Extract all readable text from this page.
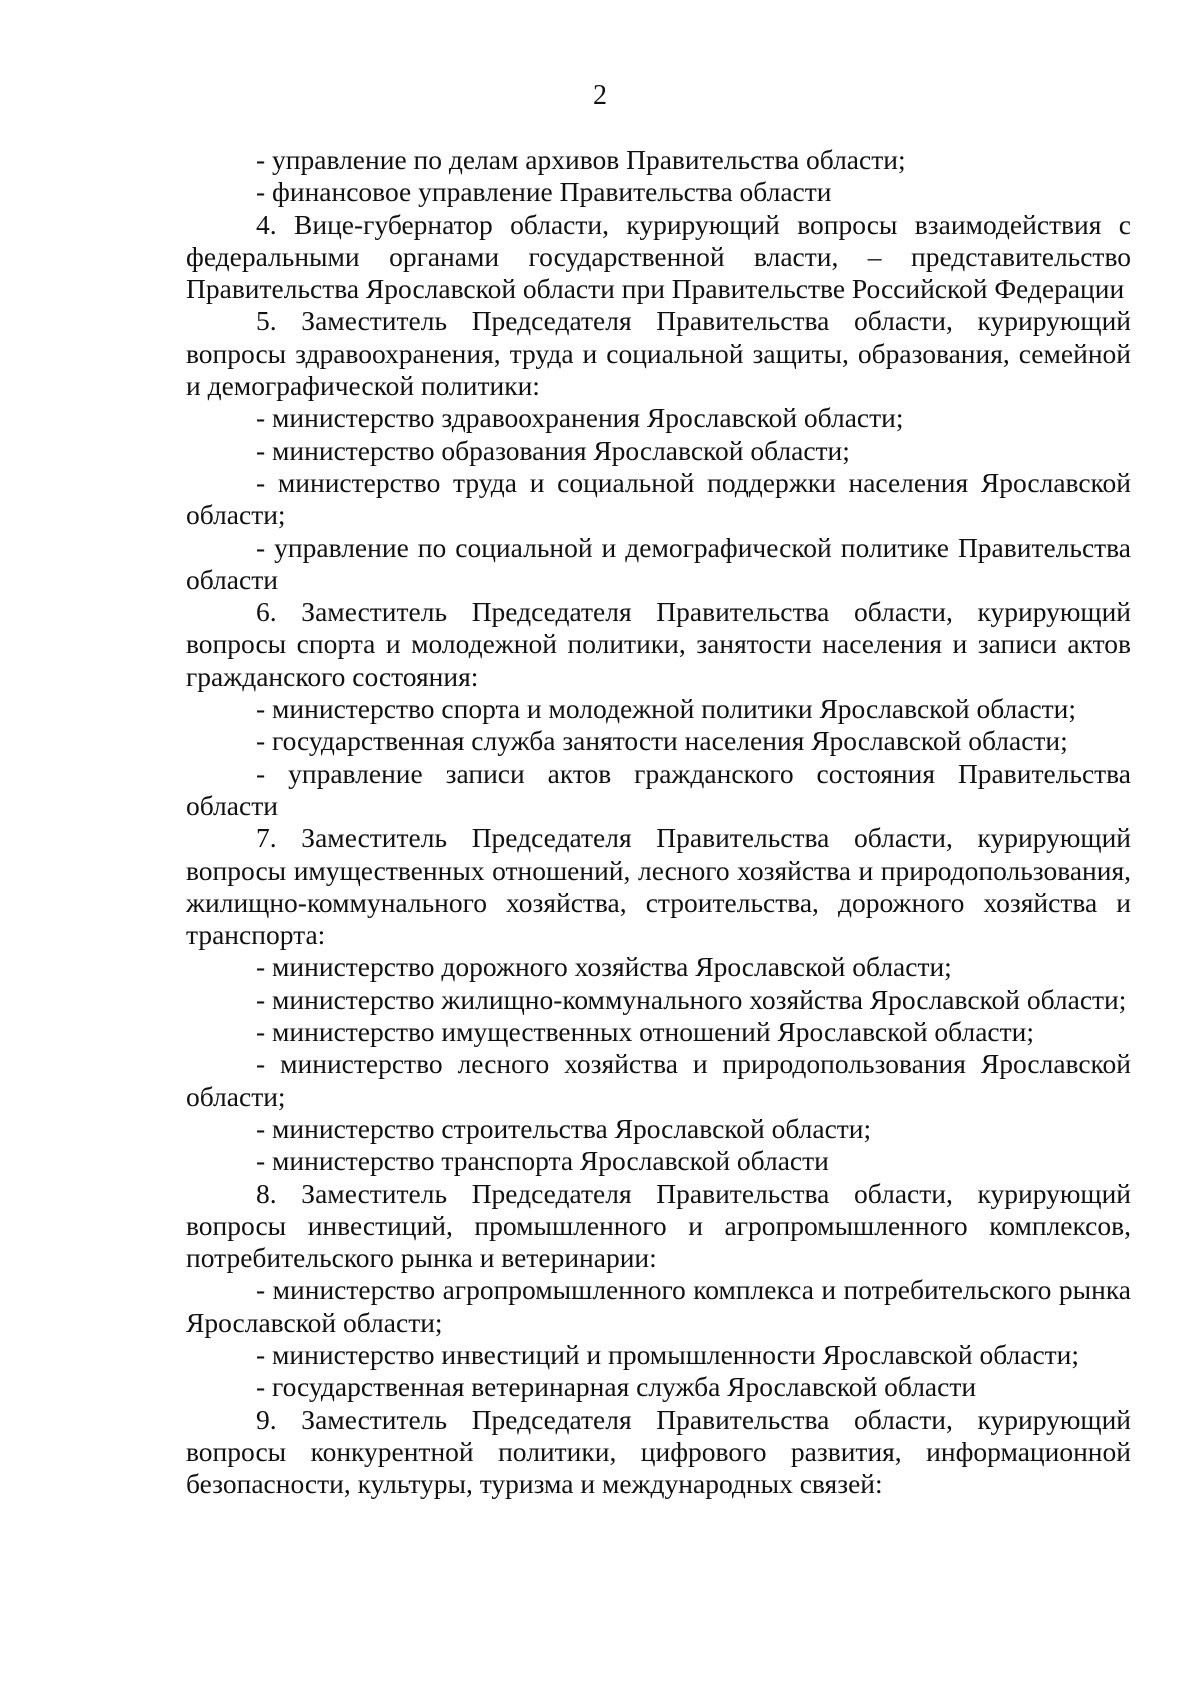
2

- управление по делам архивов Правительства области;

- финансовое управление Правительства области

4. Вице-губернатор области, курирующий вопросы взаимодействия с федеральными органами государственной власти, – представительство Правительства Ярославской области при Правительстве Российской Федерации

5. Заместитель Председателя Правительства области, курирующий вопросы здравоохранения, труда и социальной защиты, образования, семейной и демографической политики:

- министерство здравоохранения Ярославской области;

- министерство образования Ярославской области;

- министерство труда и социальной поддержки населения Ярославской области;

- управление по социальной и демографической политике Правительства области

6. Заместитель Председателя Правительства области, курирующий вопросы спорта и молодежной политики, занятости населения и записи актов гражданского состояния:

- министерство спорта и молодежной политики Ярославской области;

- государственная служба занятости населения Ярославской области;

- управление записи актов гражданского состояния Правительства области

7. Заместитель Председателя Правительства области, курирующий вопросы имущественных отношений, лесного хозяйства и природопользования, жилищно-коммунального хозяйства, строительства, дорожного хозяйства и транспорта:

- министерство дорожного хозяйства Ярославской области;

- министерство жилищно-коммунального хозяйства Ярославской области;

- министерство имущественных отношений Ярославской области;

- министерство лесного хозяйства и природопользования Ярославской области;

- министерство строительства Ярославской области;

- министерство транспорта Ярославской области

8. Заместитель Председателя Правительства области, курирующий вопросы инвестиций, промышленного и агропромышленного комплексов, потребительского рынка и ветеринарии:

- министерство агропромышленного комплекса и потребительского рынка Ярославской области;

- министерство инвестиций и промышленности Ярославской области;

- государственная ветеринарная служба Ярославской области

9. Заместитель Председателя Правительства области, курирующий вопросы конкурентной политики, цифрового развития, информационной безопасности, культуры, туризма и международных связей:
